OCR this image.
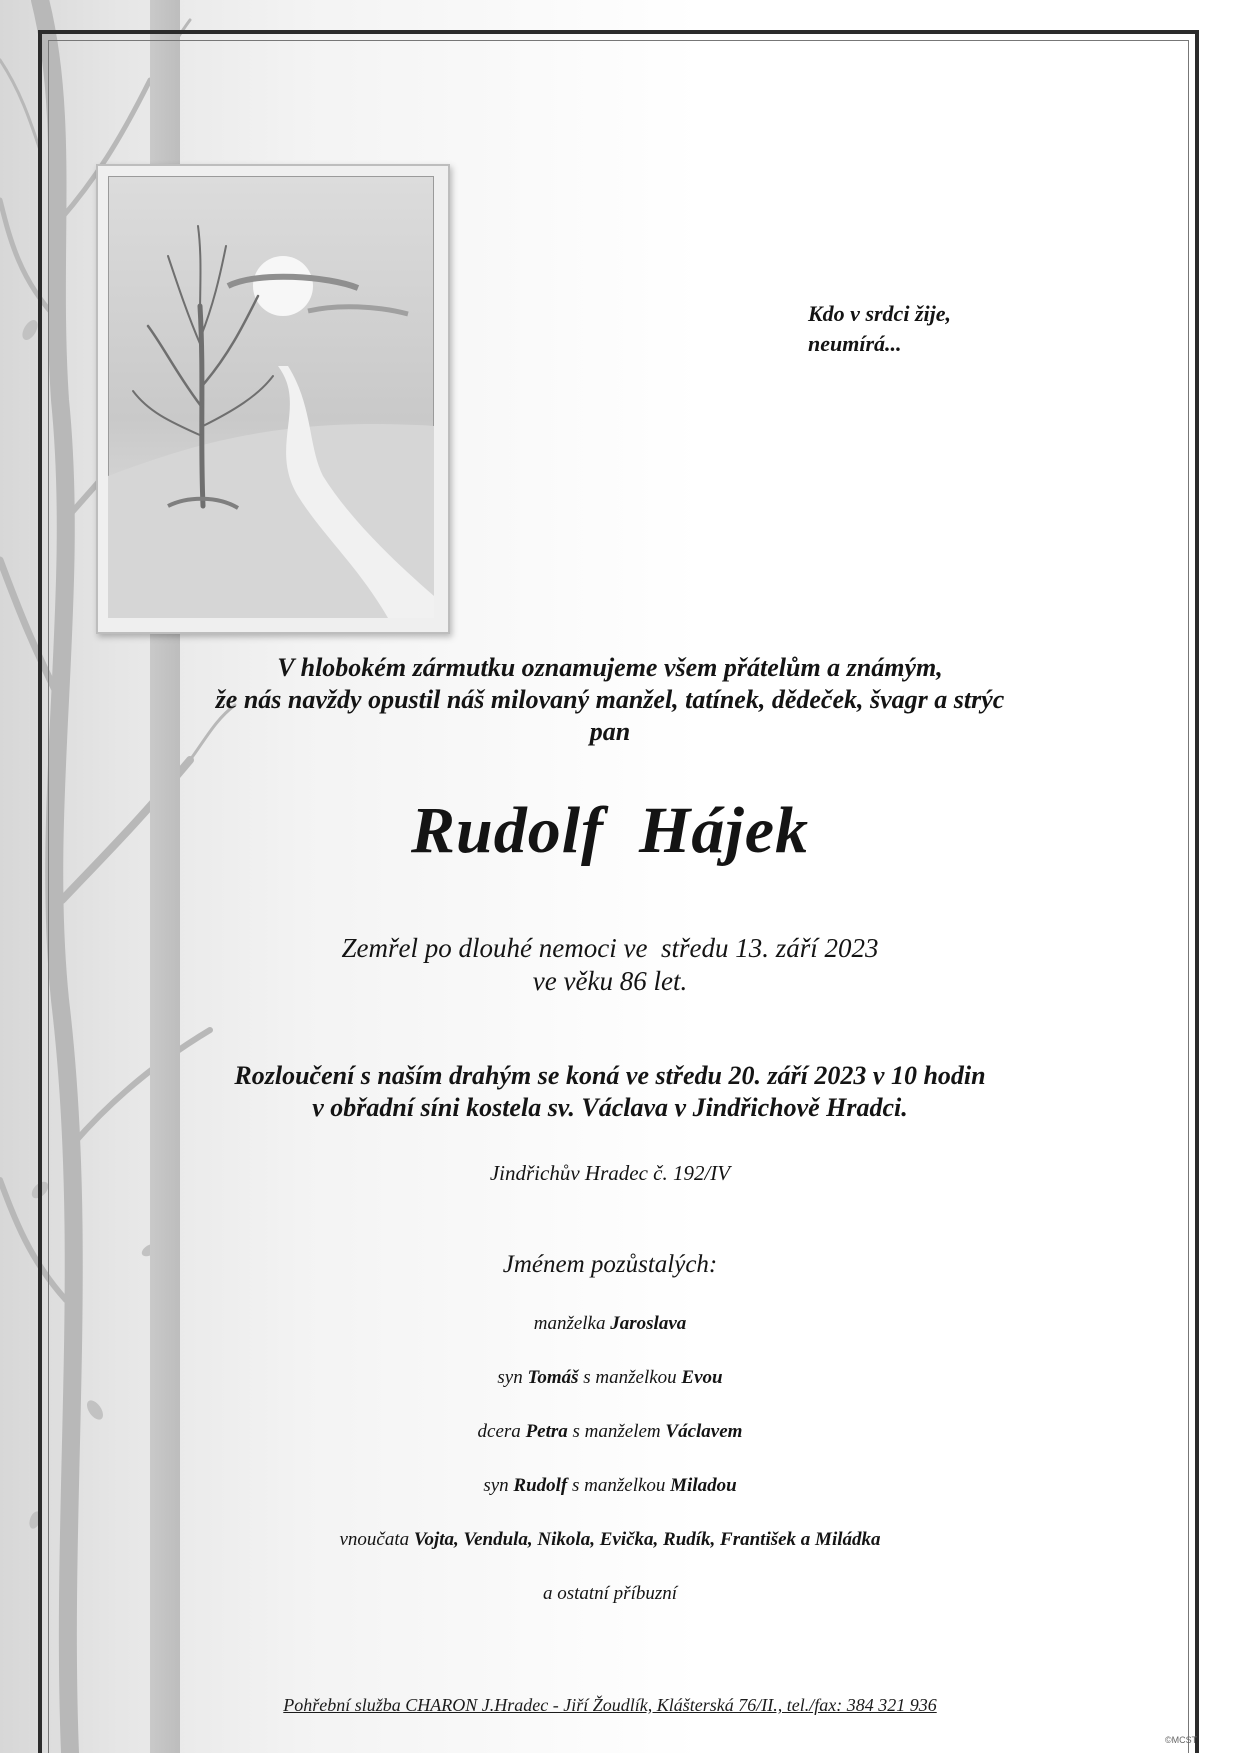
Kdo v srdci žije,
neumírá...
V hlobokém zármutku oznamujeme všem přátelům a známým,
že nás navždy opustil náš milovaný manžel, tatínek, dědeček, švagr a strýc
pan
Rudolf  Hájek
Zemřel po dlouhé nemoci ve  středu 13. září 2023
ve věku 86 let.
Rozloučení s naším drahým se koná ve středu 20. září 2023 v 10 hodin
v obřadní síni kostela sv. Václava v Jindřichově Hradci.
Jindřichův Hradec č. 192/IV
Jménem pozůstalých:
manželka Jaroslava
syn Tomáš s manželkou Evou
dcera Petra s manželem Václavem
syn Rudolf s manželkou Miladou
vnoučata Vojta, Vendula, Nikola, Evička, Rudík, František a Miládka
a ostatní příbuzní
Pohřební služba CHARON J.Hradec - Jiří Žoudlík, Klášterská 76/II., tel./fax: 384 321 936
©MCST
